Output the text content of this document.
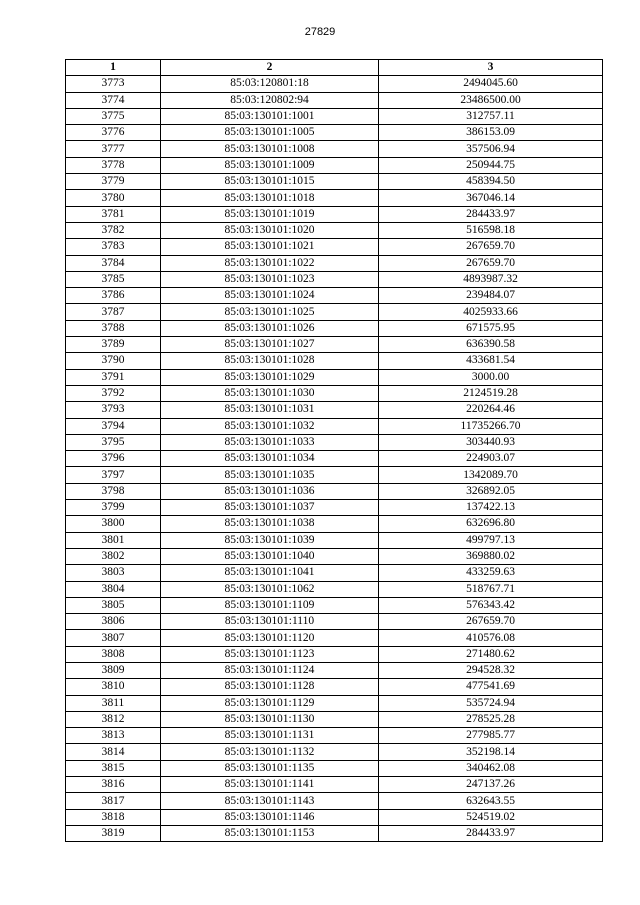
27829
1	2	3
3773	85:03:120801:18	2494045.60
3774	85:03:120802:94	23486500.00
3775	85:03:130101:1001	312757.11
3776	85:03:130101:1005	386153.09
3777	85:03:130101:1008	357506.94
3778	85:03:130101:1009	250944.75
3779	85:03:130101:1015	458394.50
3780	85:03:130101:1018	367046.14
3781	85:03:130101:1019	284433.97
3782	85:03:130101:1020	516598.18
3783	85:03:130101:1021	267659.70
3784	85:03:130101:1022	267659.70
3785	85:03:130101:1023	4893987.32
3786	85:03:130101:1024	239484.07
3787	85:03:130101:1025	4025933.66
3788	85:03:130101:1026	671575.95
3789	85:03:130101:1027	636390.58
3790	85:03:130101:1028	433681.54
3791	85:03:130101:1029	3000.00
3792	85:03:130101:1030	2124519.28
3793	85:03:130101:1031	220264.46
3794	85:03:130101:1032	11735266.70
3795	85:03:130101:1033	303440.93
3796	85:03:130101:1034	224903.07
3797	85:03:130101:1035	1342089.70
3798	85:03:130101:1036	326892.05
3799	85:03:130101:1037	137422.13
3800	85:03:130101:1038	632696.80
3801	85:03:130101:1039	499797.13
3802	85:03:130101:1040	369880.02
3803	85:03:130101:1041	433259.63
3804	85:03:130101:1062	518767.71
3805	85:03:130101:1109	576343.42
3806	85:03:130101:1110	267659.70
3807	85:03:130101:1120	410576.08
3808	85:03:130101:1123	271480.62
3809	85:03:130101:1124	294528.32
3810	85:03:130101:1128	477541.69
3811	85:03:130101:1129	535724.94
3812	85:03:130101:1130	278525.28
3813	85:03:130101:1131	277985.77
3814	85:03:130101:1132	352198.14
3815	85:03:130101:1135	340462.08
3816	85:03:130101:1141	247137.26
3817	85:03:130101:1143	632643.55
3818	85:03:130101:1146	524519.02
3819	85:03:130101:1153	284433.97
